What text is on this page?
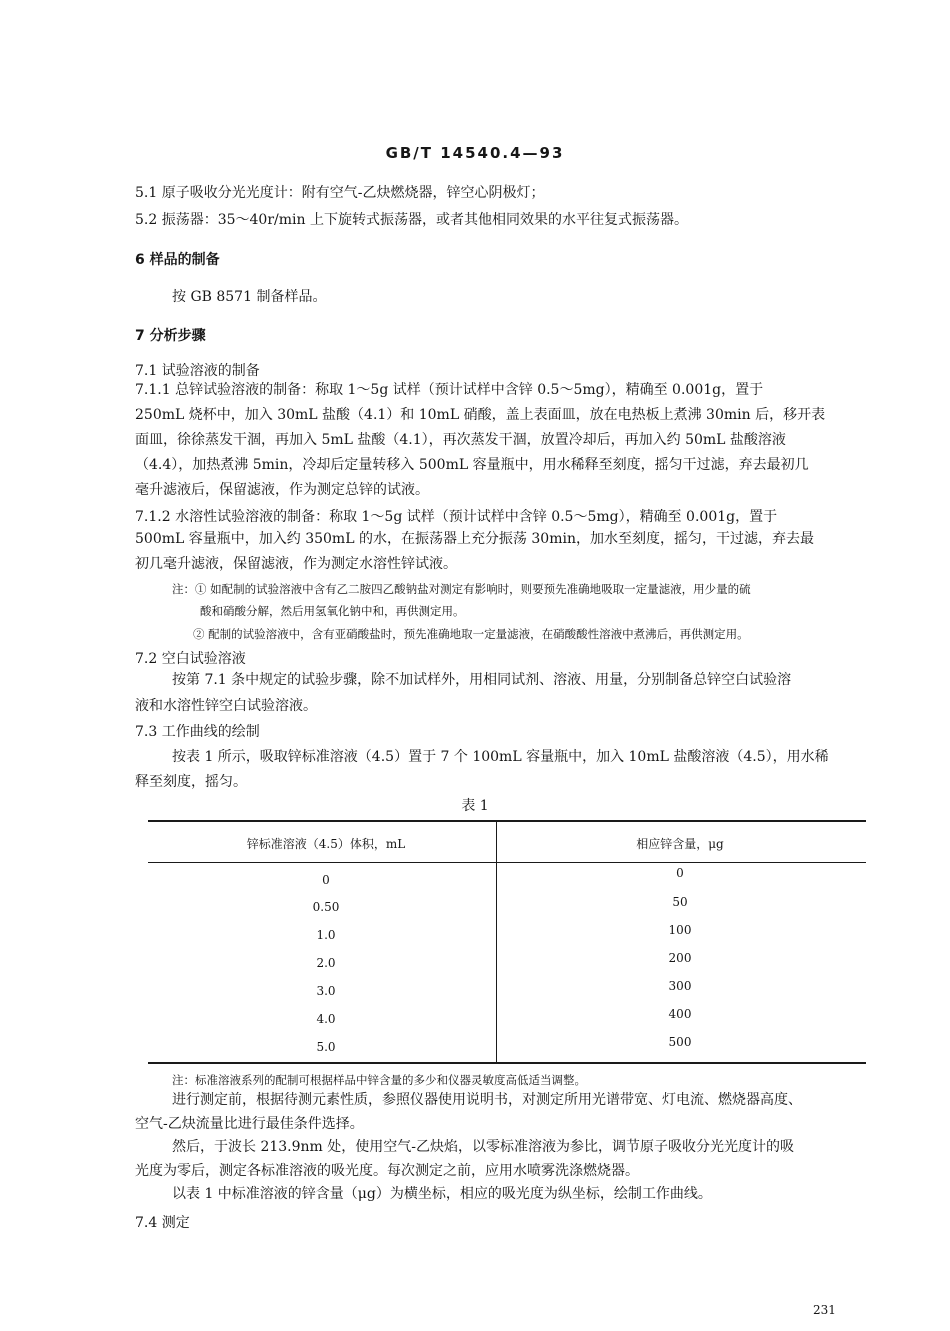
GB/T 14540.4—93
5.1 原子吸收分光光度计：附有空气-乙炔燃烧器，锌空心阴极灯；
5.2 振荡器：35～40r/min 上下旋转式振荡器，或者其他相同效果的水平往复式振荡器。
6 样品的制备
按 GB 8571 制备样品。
7 分析步骤
7.1 试验溶液的制备
7.1.1 总锌试验溶液的制备：称取 1～5g 试样（预计试样中含锌 0.5～5mg），精确至 0.001g，置于
250mL 烧杯中，加入 30mL 盐酸（4.1）和 10mL 硝酸，盖上表面皿，放在电热板上煮沸 30min 后，移开表
面皿，徐徐蒸发干涸，再加入 5mL 盐酸（4.1），再次蒸发干涸，放置冷却后，再加入约 50mL 盐酸溶液
（4.4），加热煮沸 5min，冷却后定量转移入 500mL 容量瓶中，用水稀释至刻度，摇匀干过滤，弃去最初几
毫升滤液后，保留滤液，作为测定总锌的试液。
7.1.2 水溶性试验溶液的制备：称取 1～5g 试样（预计试样中含锌 0.5～5mg），精确至 0.001g，置于
500mL 容量瓶中，加入约 350mL 的水，在振荡器上充分振荡 30min，加水至刻度，摇匀，干过滤，弃去最
初几毫升滤液，保留滤液，作为测定水溶性锌试液。
注：① 如配制的试验溶液中含有乙二胺四乙酸钠盐对测定有影响时，则要预先准确地吸取一定量滤液，用少量的硫
酸和硝酸分解，然后用氢氧化钠中和，再供测定用。
② 配制的试验溶液中，含有亚硝酸盐时，预先准确地取一定量滤液，在硝酸酸性溶液中煮沸后，再供测定用。
7.2 空白试验溶液
按第 7.1 条中规定的试验步骤，除不加试样外，用相同试剂、溶液、用量，分别制备总锌空白试验溶
液和水溶性锌空白试验溶液。
7.3 工作曲线的绘制
按表 1 所示，吸取锌标准溶液（4.5）置于 7 个 100mL 容量瓶中，加入 10mL 盐酸溶液（4.5），用水稀
释至刻度，摇匀。
表 1
锌标准溶液（4.5）体积，mL	相应锌含量，μg
0	0
0.50	50
1.0	100
2.0	200
3.0	300
4.0	400
5.0	500
注：标准溶液系列的配制可根据样品中锌含量的多少和仪器灵敏度高低适当调整。
进行测定前，根据待测元素性质，参照仪器使用说明书，对测定所用光谱带宽、灯电流、燃烧器高度、
空气-乙炔流量比进行最佳条件选择。
然后，于波长 213.9nm 处，使用空气-乙炔焰，以零标准溶液为参比，调节原子吸收分光光度计的吸
光度为零后，测定各标准溶液的吸光度。每次测定之前，应用水喷雾洗涤燃烧器。
以表 1 中标准溶液的锌含量（μg）为横坐标，相应的吸光度为纵坐标，绘制工作曲线。
7.4 测定
231
